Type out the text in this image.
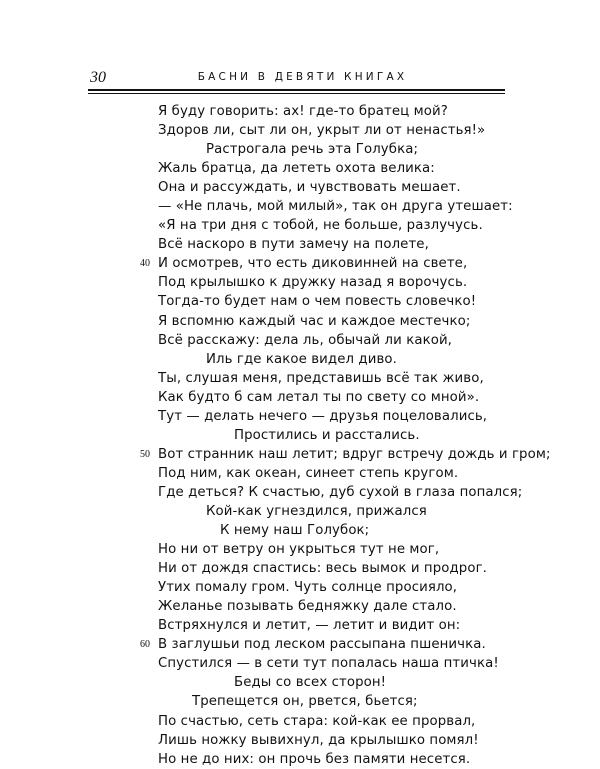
30	БАСНИ В ДЕВЯТИ КНИГАХ
Я буду говорить: ах! где-то братец мой?
Здоров ли, сыт ли он, укрыт ли от ненастья!»
Растрогала речь эта Голубка;
Жаль братца, да лететь охота велика:
Она и рассуждать, и чувствовать мешает.
— «Не плачь, мой милый», так он друга утешает:
«Я на три дня с тобой, не больше, разлучусь.
Всё наскоро в пути замечу на полете,
40 И осмотрев, что есть диковинней на свете,
Под крылышко к дружку назад я ворочусь.
Тогда-то будет нам о чем повесть словечко!
Я вспомню каждый час и каждое местечко;
Всё расскажу: дела ль, обычай ли какой,
Иль где какое видел диво.
Ты, слушая меня, представишь всё так живо,
Как будто б сам летал ты по свету со мной».
Тут — делать нечего — друзья поцеловались,
Простились и расстались.
50 Вот странник наш летит; вдруг встречу дождь и гром;
Под ним, как океан, синеет степь кругом.
Где деться? К счастью, дуб сухой в глаза попался;
Кой-как угнездился, прижался
К нему наш Голубок;
Но ни от ветру он укрыться тут не мог,
Ни от дождя спастись: весь вымок и продрог.
Утих помалу гром. Чуть солнце просияло,
Желанье позывать бедняжку дале стало.
Встряхнулся и летит, — летит и видит он:
60 В заглушьи под леском рассыпана пшеничка.
Спустился — в сети тут попалась наша птичка!
Беды со всех сторон!
Трепещется он, рвется, бьется;
По счастью, сеть стара: кой-как ее прорвал,
Лишь ножку вывихнул, да крылышко помял!
Но не до них: он прочь без памяти несется.
